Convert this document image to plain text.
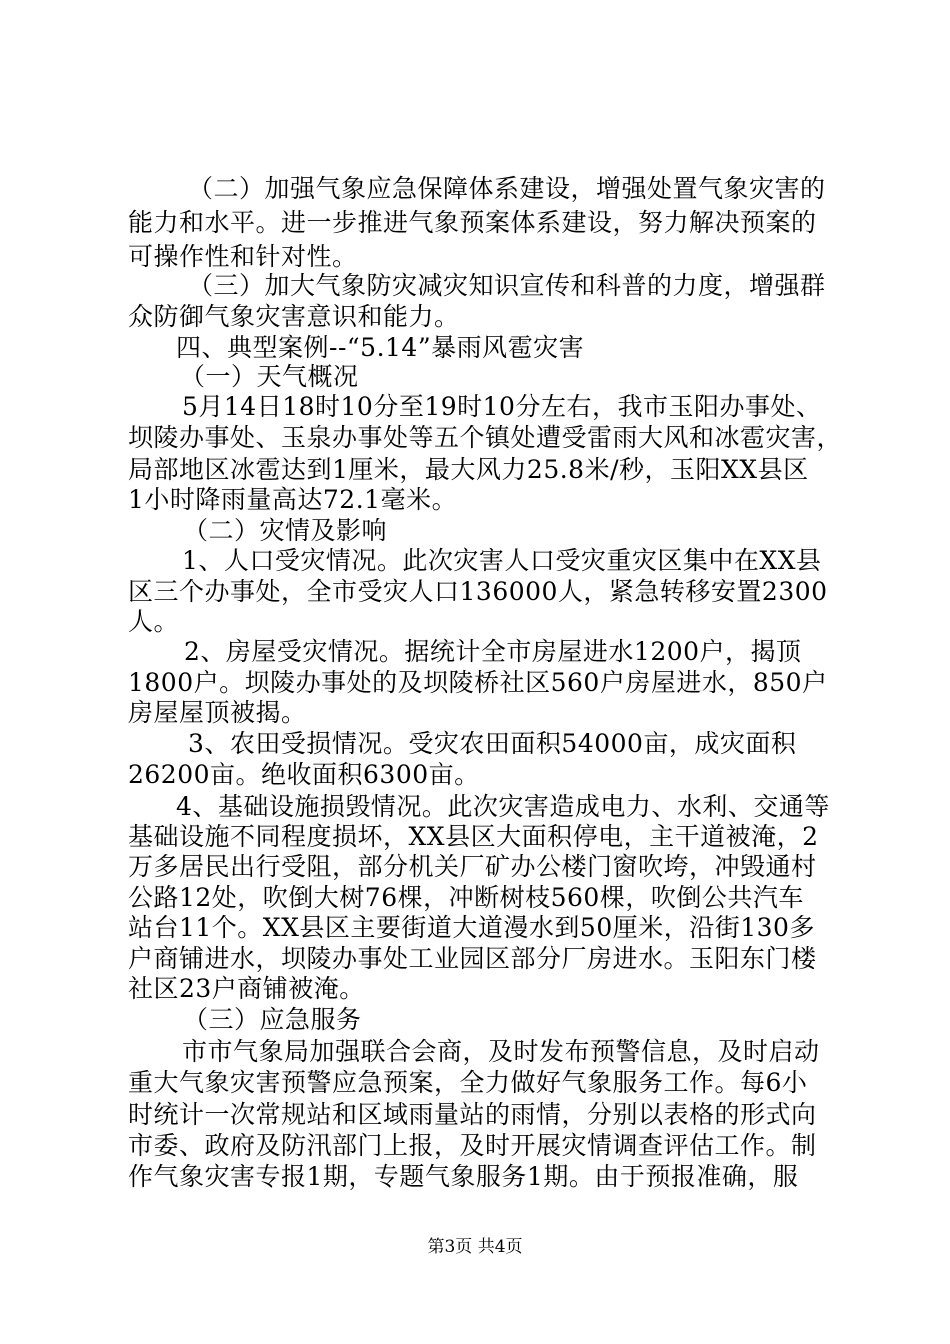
（二）加强气象应急保障体系建设，增强处置气象灾害的
能力和水平。进一步推进气象预案体系建设，努力解决预案的
可操作性和针对性。
（三）加大气象防灾减灾知识宣传和科普的力度，增强群
众防御气象灾害意识和能力。
四、典型案例--“5.14”暴雨风雹灾害
（一）天气概况
5月14日18时10分至19时10分左右，我市玉阳办事处、
坝陵办事处、玉泉办事处等五个镇处遭受雷雨大风和冰雹灾害，
局部地区冰雹达到1厘米，最大风力25.8米/秒，玉阳XX县区
1小时降雨量高达72.1毫米。
（二）灾情及影响
1、人口受灾情况。此次灾害人口受灾重灾区集中在XX县
区三个办事处，全市受灾人口136000人，紧急转移安置2300
人。
2、房屋受灾情况。据统计全市房屋进水1200户，揭顶
1800户。坝陵办事处的及坝陵桥社区560户房屋进水，850户
房屋屋顶被揭。
3、农田受损情况。受灾农田面积54000亩，成灾面积
26200亩。绝收面积6300亩。
4、基础设施损毁情况。此次灾害造成电力、水利、交通等
基础设施不同程度损坏，XX县区大面积停电，主干道被淹，2
万多居民出行受阻，部分机关厂矿办公楼门窗吹垮，冲毁通村
公路12处，吹倒大树76棵，冲断树枝560棵，吹倒公共汽车
站台11个。XX县区主要街道大道漫水到50厘米，沿街130多
户商铺进水，坝陵办事处工业园区部分厂房进水。玉阳东门楼
社区23户商铺被淹。
（三）应急服务
市市气象局加强联合会商，及时发布预警信息，及时启动
重大气象灾害预警应急预案，全力做好气象服务工作。每6小
时统计一次常规站和区域雨量站的雨情，分别以表格的形式向
市委、政府及防汛部门上报，及时开展灾情调查评估工作。制
作气象灾害专报1期，专题气象服务1期。由于预报准确，服
第3页 共4页
